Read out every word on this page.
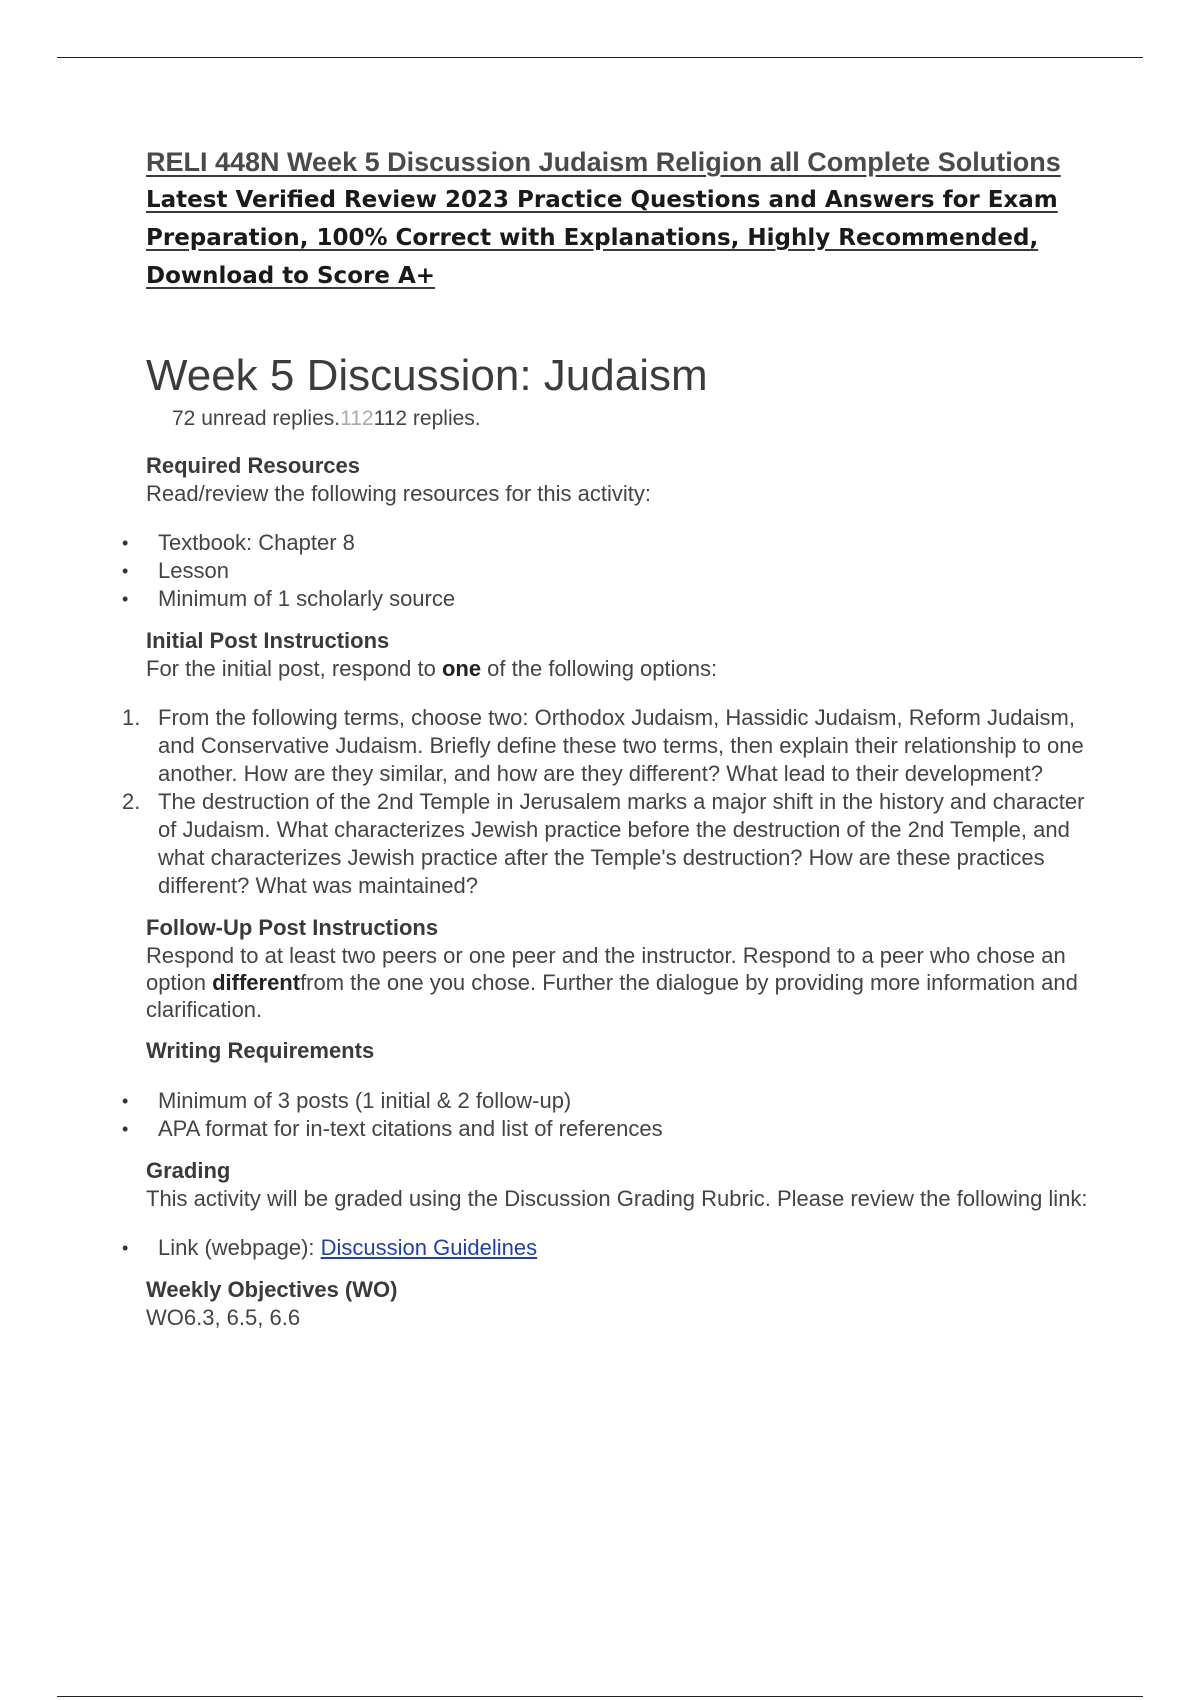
RELI 448N Week 5 Discussion Judaism Religion all Complete Solutions Latest Verified Review 2023 Practice Questions and Answers for Exam Preparation, 100% Correct with Explanations, Highly Recommended, Download to Score A+
Week 5 Discussion: Judaism
72 unread replies.112112 replies.
Required Resources

Read/review the following resources for this activity:

• Textbook: Chapter 8
• Lesson
• Minimum of 1 scholarly source
Initial Post Instructions

For the initial post, respond to one of the following options:

1. From the following terms, choose two: Orthodox Judaism, Hassidic Judaism, Reform Judaism, and Conservative Judaism. Briefly define these two terms, then explain their relationship to one another. How are they similar, and how are they different? What lead to their development?
2. The destruction of the 2nd Temple in Jerusalem marks a major shift in the history and character of Judaism. What characterizes Jewish practice before the destruction of the 2nd Temple, and what characterizes Jewish practice after the Temple's destruction? How are these practices different? What was maintained?
Follow-Up Post Instructions

Respond to at least two peers or one peer and the instructor. Respond to a peer who chose an option differentfrom the one you chose. Further the dialogue by providing more information and clarification.

Writing Requirements
• Minimum of 3 posts (1 initial & 2 follow-up)
• APA format for in-text citations and list of references
Grading

This activity will be graded using the Discussion Grading Rubric. Please review the following link:

• Link (webpage): Discussion Guidelines
Weekly Objectives (WO)

WO6.3, 6.5, 6.6
